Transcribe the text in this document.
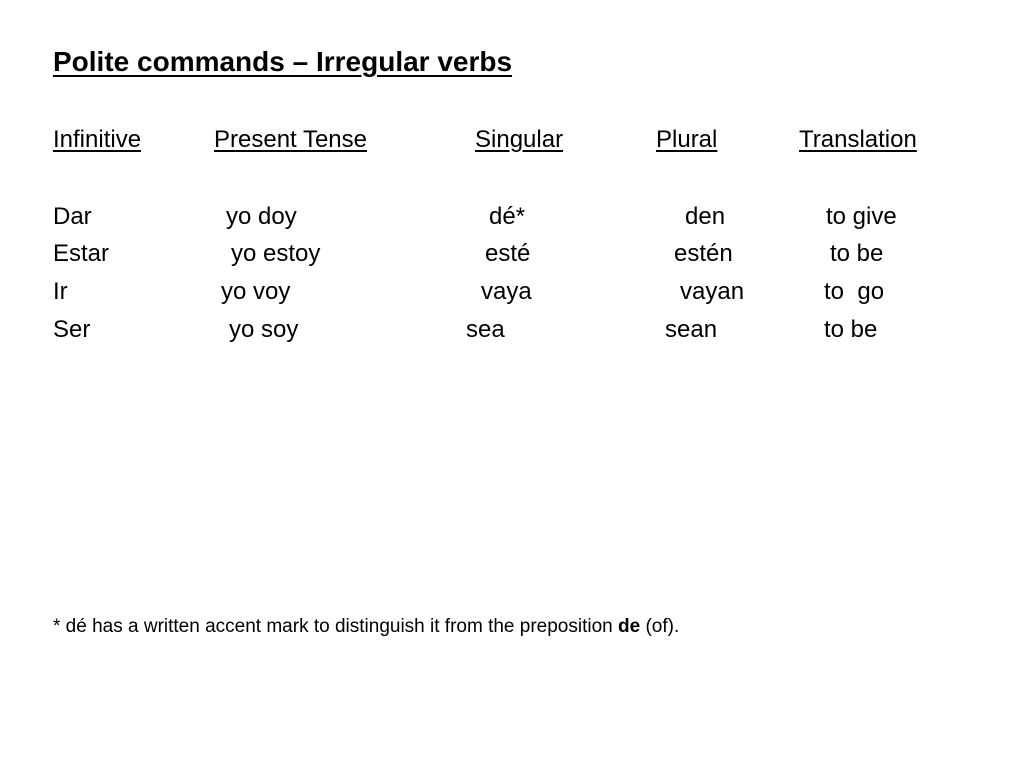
Polite commands – Irregular verbs
Infinitive	Present Tense	Singular	Plural	Translation
Dar	yo doy	dé*	den	to give
Estar	yo estoy	esté	estén	to be
Ir	yo voy	vaya	vayan	to  go
Ser	yo soy	sea	sean	to be
* dé has a written accent mark to distinguish it from the preposition de (of).
